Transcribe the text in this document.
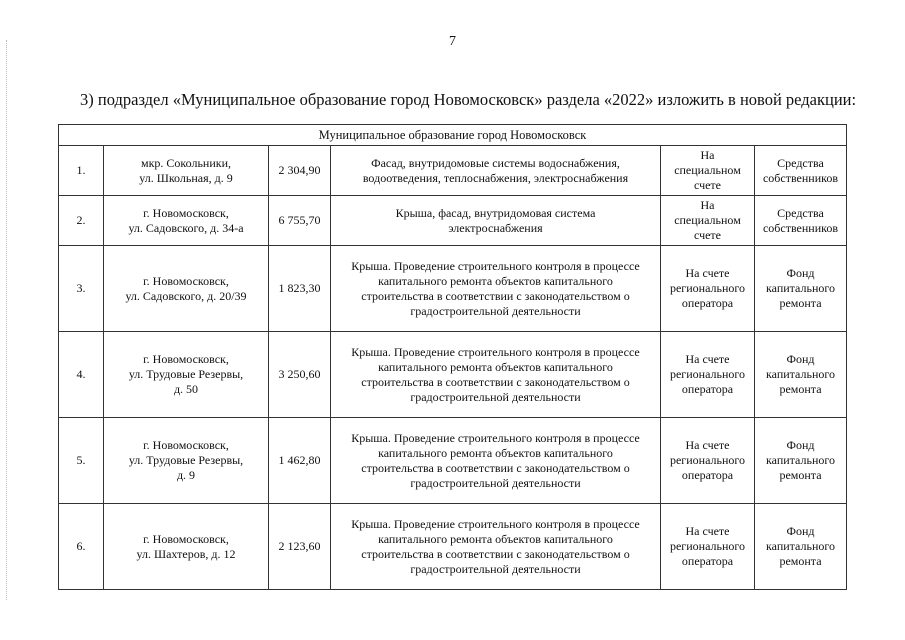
7
3) подраздел «Муниципальное образование город Новомосковск» раздела «2022» изложить в новой редакции:
Муниципальное образование город Новомосковск					
1.	мкр. Сокольники,
ул. Школьная, д. 9	2 304,90	Фасад, внутридомовые системы водоснабжения,
водоотведения, теплоснабжения, электроснабжения	На
специальном
счете	Средства
собственников

2.	г. Новомосковск,
ул. Садовского, д. 34-а	6 755,70	Крыша, фасад, внутридомовая система
электроснабжения	На
специальном
счете	Средства
собственников

3.	г. Новомосковск,
ул. Садовского, д. 20/39	1 823,30	Крыша. Проведение строительного контроля в процессе
капитального ремонта объектов капитального
строительства в соответствии с законодательством о
градостроительной деятельности	На счете
регионального
оператора	Фонд
капитального
ремонта

4.	г. Новомосковск,
ул. Трудовые Резервы,
д. 50	3 250,60	Крыша. Проведение строительного контроля в процессе
капитального ремонта объектов капитального
строительства в соответствии с законодательством о
градостроительной деятельности	На счете
регионального
оператора	Фонд
капитального
ремонта

5.	г. Новомосковск,
ул. Трудовые Резервы,
д. 9	1 462,80	Крыша. Проведение строительного контроля в процессе
капитального ремонта объектов капитального
строительства в соответствии с законодательством о
градостроительной деятельности	На счете
регионального
оператора	Фонд
капитального
ремонта

6.	г. Новомосковск,
ул. Шахтеров, д. 12	2 123,60	Крыша. Проведение строительного контроля в процессе
капитального ремонта объектов капитального
строительства в соответствии с законодательством о
градостроительной деятельности	На счете
регионального
оператора	Фонд
капитального
ремонта
